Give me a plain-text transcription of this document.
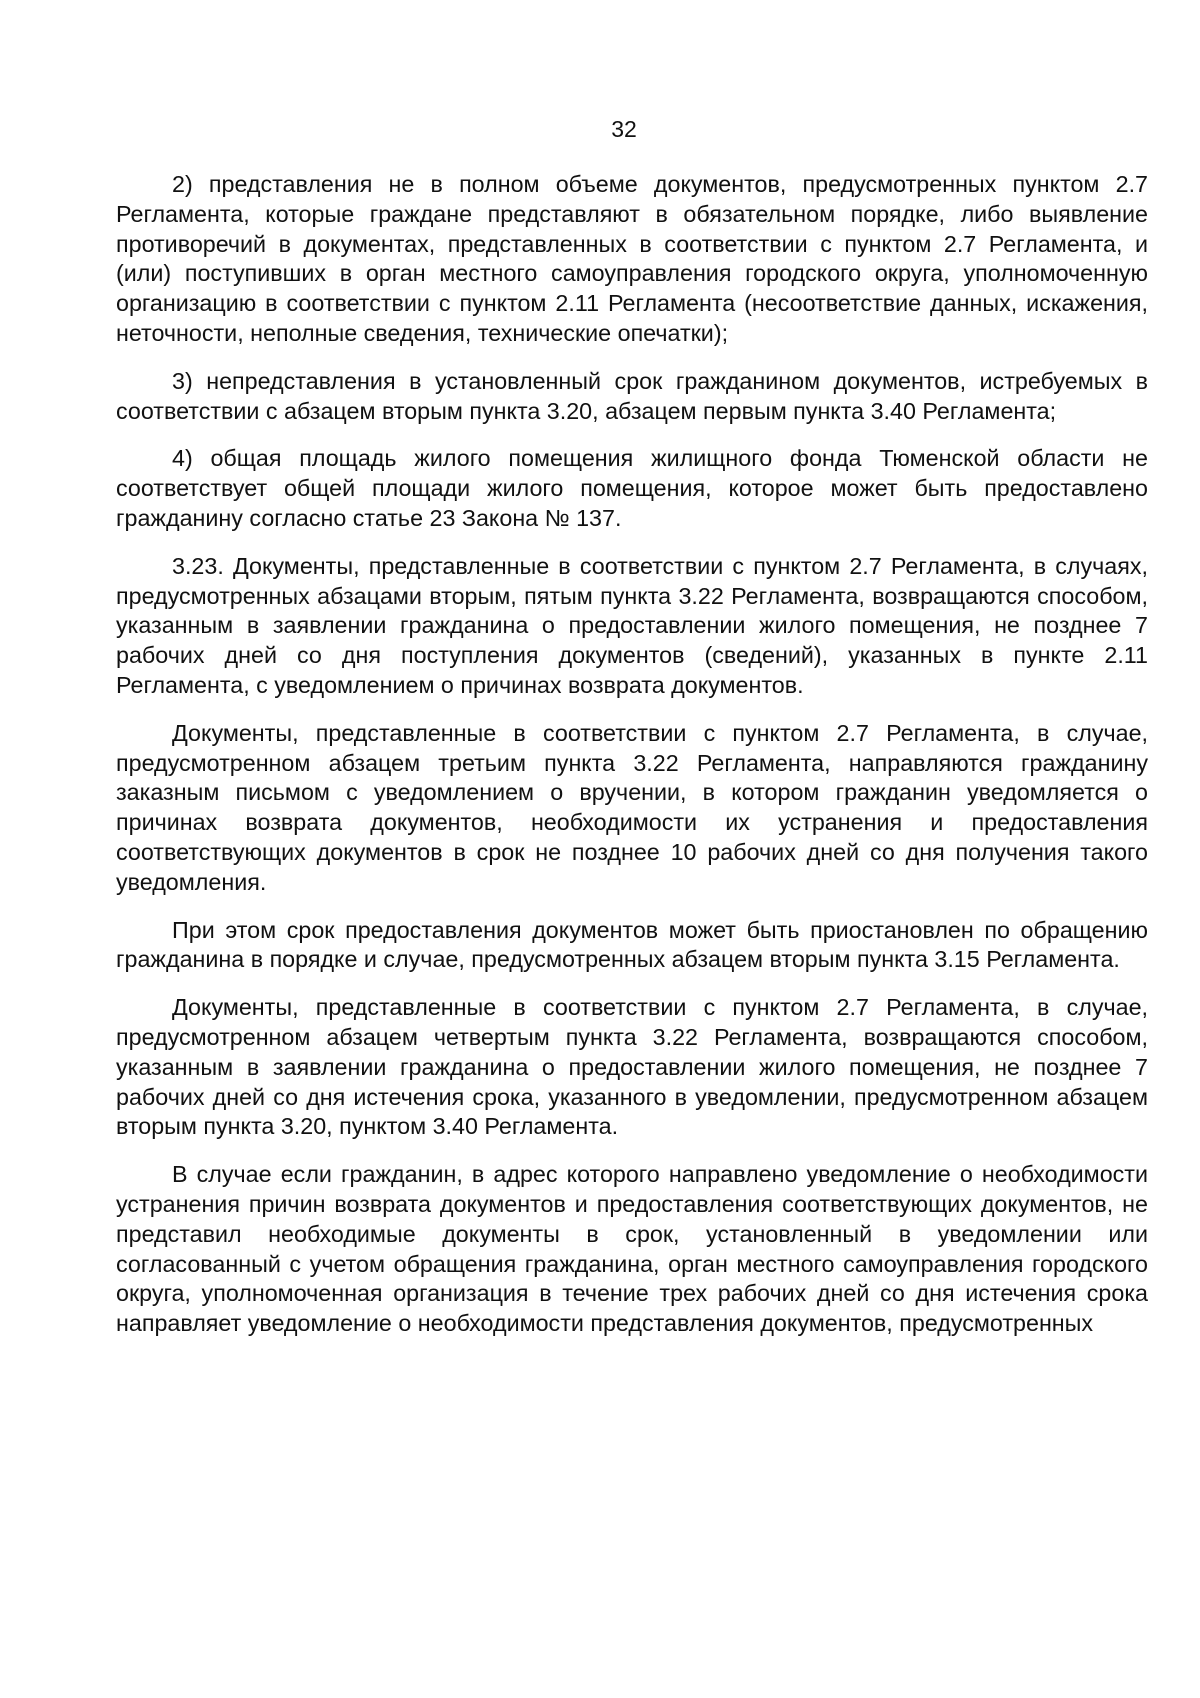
32

2) представления не в полном объеме документов, предусмотренных пунктом 2.7 Регламента, которые граждане представляют в обязательном порядке, либо выявление противоречий в документах, представленных в соответствии с пунктом 2.7 Регламента, и (или) поступивших в орган местного самоуправления городского округа, уполномоченную организацию в соответствии с пунктом 2.11 Регламента (несоответствие данных, искажения, неточности, неполные сведения, технические опечатки);

3) непредставления в установленный срок гражданином документов, истребуемых в соответствии с абзацем вторым пункта 3.20, абзацем первым пункта 3.40 Регламента;

4) общая площадь жилого помещения жилищного фонда Тюменской области не соответствует общей площади жилого помещения, которое может быть предоставлено гражданину согласно статье 23 Закона № 137.

3.23. Документы, представленные в соответствии с пунктом 2.7 Регламента, в случаях, предусмотренных абзацами вторым, пятым пункта 3.22 Регламента, возвращаются способом, указанным в заявлении гражданина о предоставлении жилого помещения, не позднее 7 рабочих дней со дня поступления документов (сведений), указанных в пункте 2.11 Регламента, с уведомлением о причинах возврата документов.

Документы, представленные в соответствии с пунктом 2.7 Регламента, в случае, предусмотренном абзацем третьим пункта 3.22 Регламента, направляются гражданину заказным письмом с уведомлением о вручении, в котором гражданин уведомляется о причинах возврата документов, необходимости их устранения и предоставления соответствующих документов в срок не позднее 10 рабочих дней со дня получения такого уведомления.

При этом срок предоставления документов может быть приостановлен по обращению гражданина в порядке и случае, предусмотренных абзацем вторым пункта 3.15 Регламента.

Документы, представленные в соответствии с пунктом 2.7 Регламента, в случае, предусмотренном абзацем четвертым пункта 3.22 Регламента, возвращаются способом, указанным в заявлении гражданина о предоставлении жилого помещения, не позднее 7 рабочих дней со дня истечения срока, указанного в уведомлении, предусмотренном абзацем вторым пункта 3.20, пунктом 3.40 Регламента.

В случае если гражданин, в адрес которого направлено уведомление о необходимости устранения причин возврата документов и предоставления соответствующих документов, не представил необходимые документы в срок, установленный в уведомлении или согласованный с учетом обращения гражданина, орган местного самоуправления городского округа, уполномоченная организация в течение трех рабочих дней со дня истечения срока направляет уведомление о необходимости представления документов, предусмотренных
